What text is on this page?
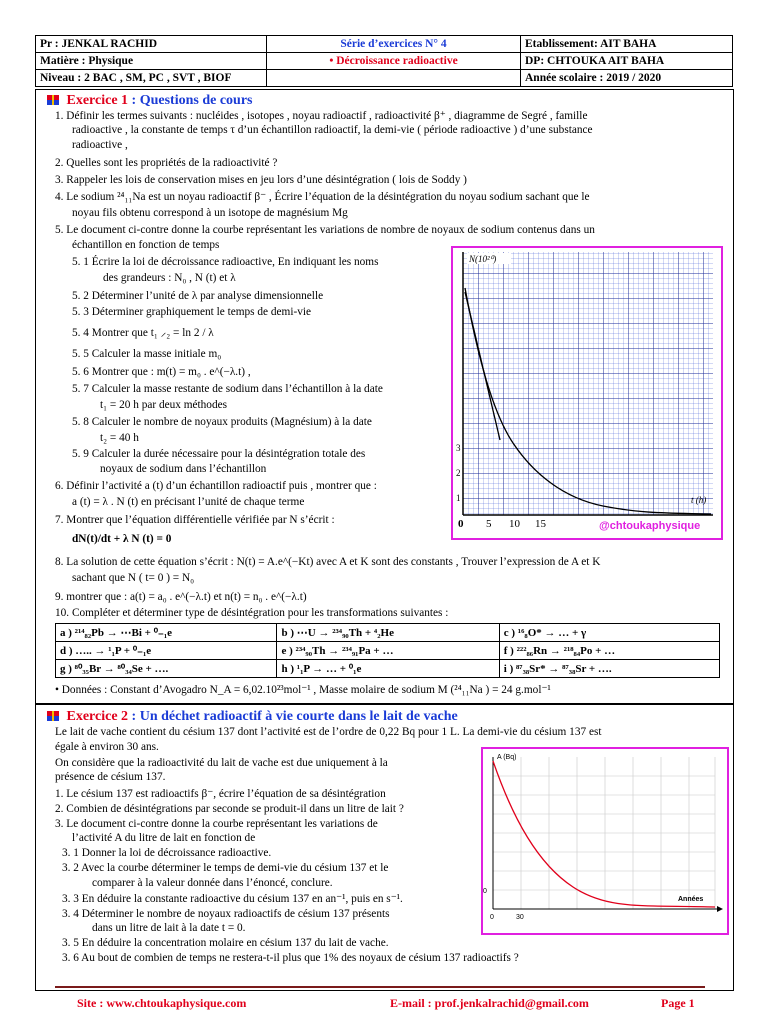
Pr : JENKAL RACHID	Série d’exercices N° 4	Etablissement: AIT BAHA
Matière : Physique	• Décroissance radioactive	DP: CHTOUKA AIT BAHA
Niveau : 2 BAC , SM, PC , SVT , BIOF		Année scolaire : 2019 / 2020
Exercice 1 : Questions de cours
1. Définir les termes suivants : nucléides , isotopes , noyau radioactif , radioactivité β⁺ , diagramme de Segré , famille
radioactive , la constante de temps τ d’un échantillon radioactif, la demi-vie ( période radioactive ) d’une substance
radioactive ,
2. Quelles sont les propriétés de la radioactivité ?
3. Rappeler les lois de conservation mises en jeu lors d’une désintégration ( lois de Soddy )
4. Le sodium ²⁴₁₁Na est un noyau radioactif β⁻ , Écrire l’équation de la désintégration du noyau sodium sachant que le
noyau fils obtenu correspond à un isotope de magnésium Mg
5. Le document ci-contre donne la courbe représentant les variations de nombre de noyaux de sodium contenus dans un
échantillon en fonction de temps
5. 1 Écrire la loi de décroissance radioactive, En indiquant les noms
des grandeurs : N₀ , N (t) et λ
5. 2 Déterminer l’unité de λ par analyse dimensionnelle
5. 3 Déterminer graphiquement le temps de demi-vie
5. 4 Montrer que t₁ ⸝₂ = ln 2 / λ
5. 5 Calculer la masse initiale m₀
5. 6 Montrer que : m(t) = m₀ . e^(−λ.t) ,
5. 7 Calculer la masse restante de sodium dans l’échantillon à la date
t₁ = 20 h par deux méthodes
5. 8 Calculer le nombre de noyaux produits (Magnésium) à la date
t₂ = 40 h
5. 9 Calculer la durée nécessaire pour la désintégration totale des
noyaux de sodium dans l’échantillon
6. Définir l’activité a (t) d’un échantillon radioactif puis , montrer que :
a (t) = λ . N (t) en précisant l’unité de chaque terme
7. Montrer que l’équation différentielle vérifiée par N s’écrit :
dN(t)/dt + λ N (t) = 0
8. La solution de cette équation s’écrit : N(t) = A.e^(−Kt) avec A et K sont des constants , Trouver l’expression de A et K
sachant que N ( t= 0 ) = N₀
9. montrer que : a(t) = a₀ . e^(−λ.t) et n(t) = n₀ . e^(−λ.t)
10. Compléter et déterminer type de désintégration pour les transformations suivantes :
a ) ²¹⁴₈₂Pb → ⋯Bi + ⁰₋₁e	b ) ⋯U → ²³⁴₉₀Th + ⁴₂He	c ) ¹⁶₈O* → … + γ
d ) ….. → ¹₁P + ⁰₋₁e	e ) ²³⁴₉₀Th → ²³⁴₉₁Pa + …	f ) ²²²₈₆Rn → ²¹⁸₈₄Po + …
g ) ⁸⁰₃₅Br → ⁸⁰₃₄Se + ….	h ) ¹₁P → … + ⁰₁e	i ) ⁸⁷₃₈Sr* → ⁸⁷₃₈Sr + ….
• Données : Constant d’Avogadro N_A = 6,02.10²³mol⁻¹ , Masse molaire de sodium M (²⁴₁₁Na ) = 24 g.mol⁻¹
N(10²⁰)
3
2
1
0 5 10 15
t (h)
@chtoukaphysique
Exercice 2 : Un déchet radioactif à vie courte dans le lait de vache
Le lait de vache contient du césium 137 dont l’activité est de l’ordre de 0,22 Bq pour 1 L. La demi-vie du césium 137 est
égale à environ 30 ans.
On considère que la radioactivité du lait de vache est due uniquement à la
présence de césium 137.
1. Le césium 137 est radioactifs β⁻, écrire l’équation de sa désintégration
2. Combien de désintégrations par seconde se produit-il dans un litre de lait ?
3. Le document ci-contre donne la courbe représentant les variations de
l’activité A du litre de lait en fonction de
3. 1 Donner la loi de décroissance radioactive.
3. 2 Avec la courbe déterminer le temps de demi-vie du césium 137 et le
comparer à la valeur donnée dans l’énoncé, conclure.
3. 3 En déduire la constante radioactive du césium 137 en an⁻¹, puis en s⁻¹.
3. 4 Déterminer le nombre de noyaux radioactifs de césium 137 présents
dans un litre de lait à la date t = 0.
3. 5 En déduire la concentration molaire en césium 137 du lait de vache.
3. 6 Au bout de combien de temps ne restera-t-il plus que 1% des noyaux de césium 137 radioactifs ?
A (Bq)
0
0	30
Années
Site : www.chtoukaphysique.com	E-mail : prof.jenkalrachid@gmail.com	Page 1
